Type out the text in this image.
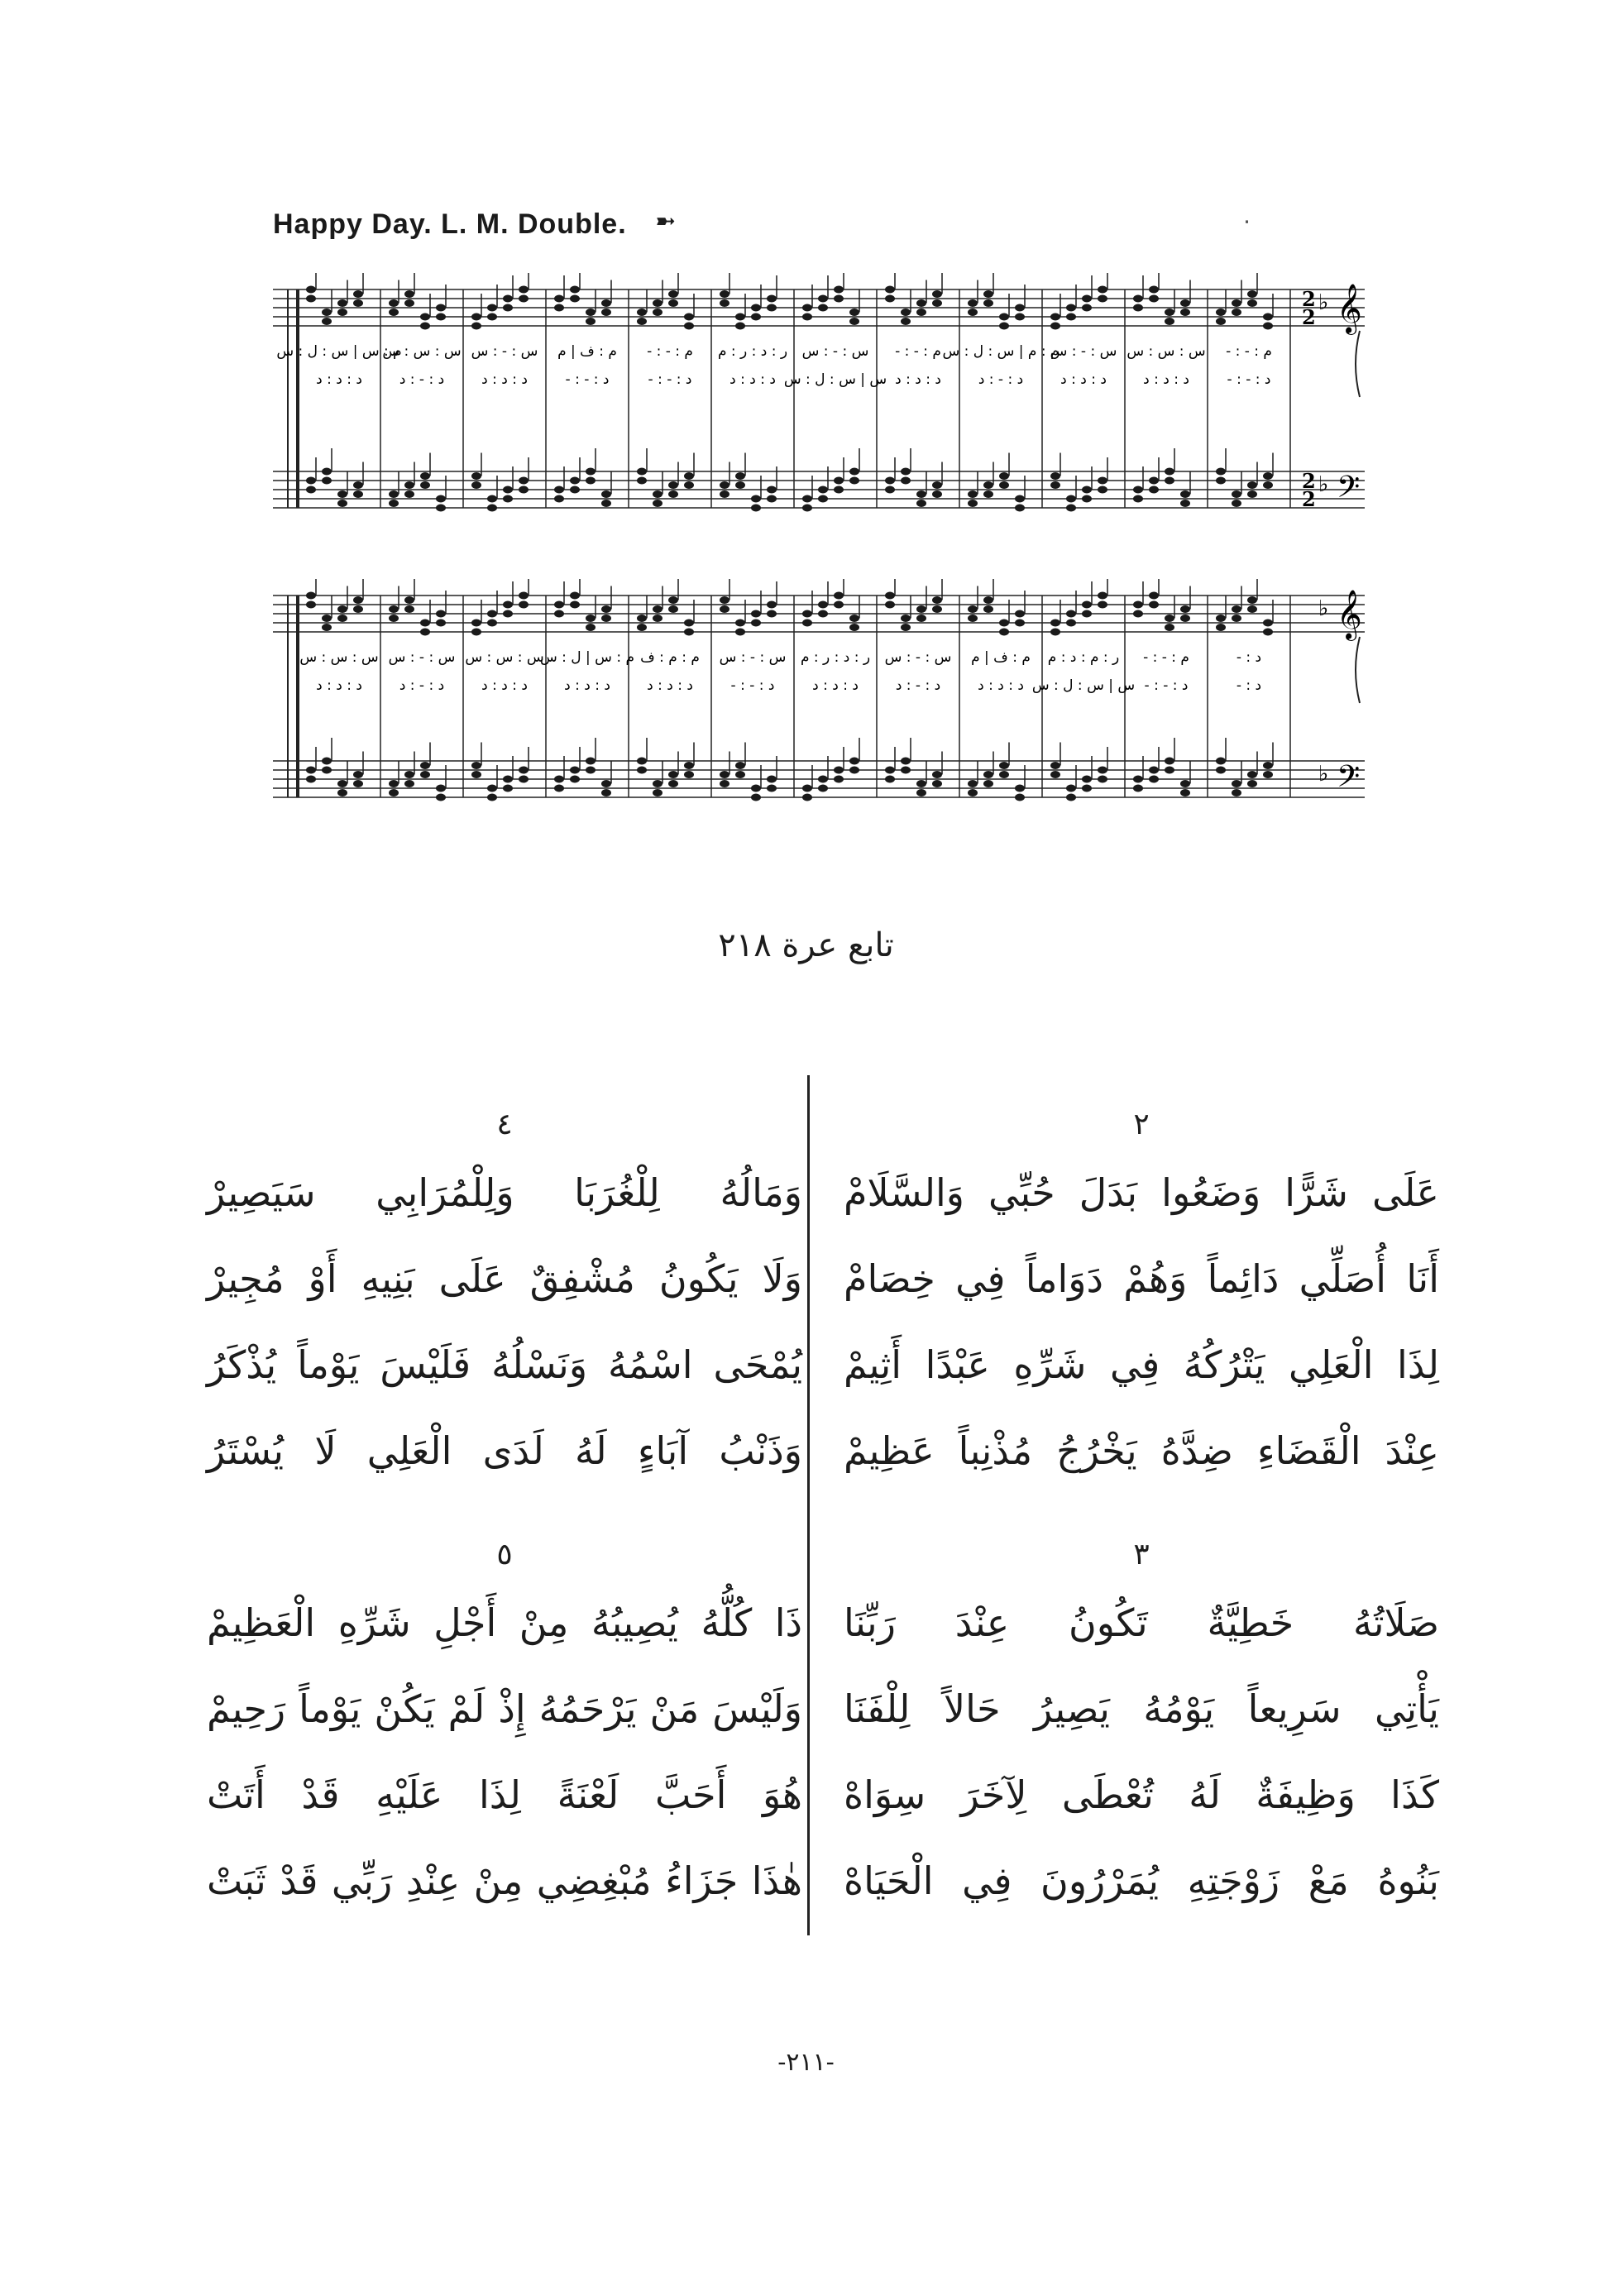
Happy Day. L. M. Double. ➼	٠
𝄞
𝄢
♭
♭
2
2
2
2
م : س | س : ل : س
د : د : د
س : س : س
د : - : د
س : - : س
د : د : د
م : ف | م
د : - : -
م : - : -
د : - : -
ر : د : ر : م
د : د : د
س : - : س
س | س : ل : س
م : - : -
د : د : د
م : م | س : ل : س
د : - : د
س : - : س
د : د : د
س : س : س
د : د : د
م : - : -
د : - : -
𝄞
𝄢
♭
♭
س : س : س
د : د : د
س : - : س
د : - : د
س : س : س
د : د : د
م : س | ل : س
د : د : د
م : م : ف
د : د : د
س : - : س
د : - : -
ر : د : ر : م
د : د : د
س : - : س
د : - : د
م : ف | م
د : د : د
ر : م : د : م
س | س : ل : س
م : - : -
د : - : -
د : -
د : -
تابع عرة ٢١٨
٢
عَلَى شَرًّا وَضَعُوا بَدَلَ حُبِّي وَالسَّلَامْ
أَنَا أُصَلِّي دَائِماً وَهُمْ دَوَاماً فِي خِصَامْ
لِذَا الْعَلِي يَتْرُكُهُ فِي شَرِّهِ عَبْدًا أَثِيمْ
عِنْدَ الْقَضَاءِ ضِدَّهُ يَخْرُجُ مُذْنِباً عَظِيمْ
٣
صَلَاتُهُ خَطِيَّةٌ تَكُونُ عِنْدَ رَبِّنَا
يَأْتِي سَرِيعاً يَوْمُهُ يَصِيرُ حَالاً لِلْفَنَا
كَذَا وَظِيفَةٌ لَهُ تُعْطَى لِآخَرَ سِوَاهْ
بَنُوهُ مَعْ زَوْجَتِهِ يُمَرْرُونَ فِي الْحَيَاهْ
٤
وَمَالُهُ لِلْغُرَبَا وَلِلْمُرَابِي سَيَصِيرْ
وَلَا يَكُونُ مُشْفِقٌ عَلَى بَنِيهِ أَوْ مُجِيرْ
يُمْحَى اسْمُهُ وَنَسْلُهُ فَلَيْسَ يَوْماً يُذْكَرُ
وَذَنْبُ آبَاءٍ لَهُ لَدَى الْعَلِي لَا يُسْتَرُ
٥
ذَا كُلُّهُ يُصِيبُهُ مِنْ أَجْلِ شَرِّهِ الْعَظِيمْ
وَلَيْسَ مَنْ يَرْحَمُهُ إِذْ لَمْ يَكُنْ يَوْماً رَحِيمْ
هُوَ أَحَبَّ لَعْنَةً لِذَا عَلَيْهِ قَدْ أَتَتْ
هٰذَا جَزَاءُ مُبْغِضِي مِنْ عِنْدِ رَبِّي قَدْ ثَبَتْ
-٢١١-
